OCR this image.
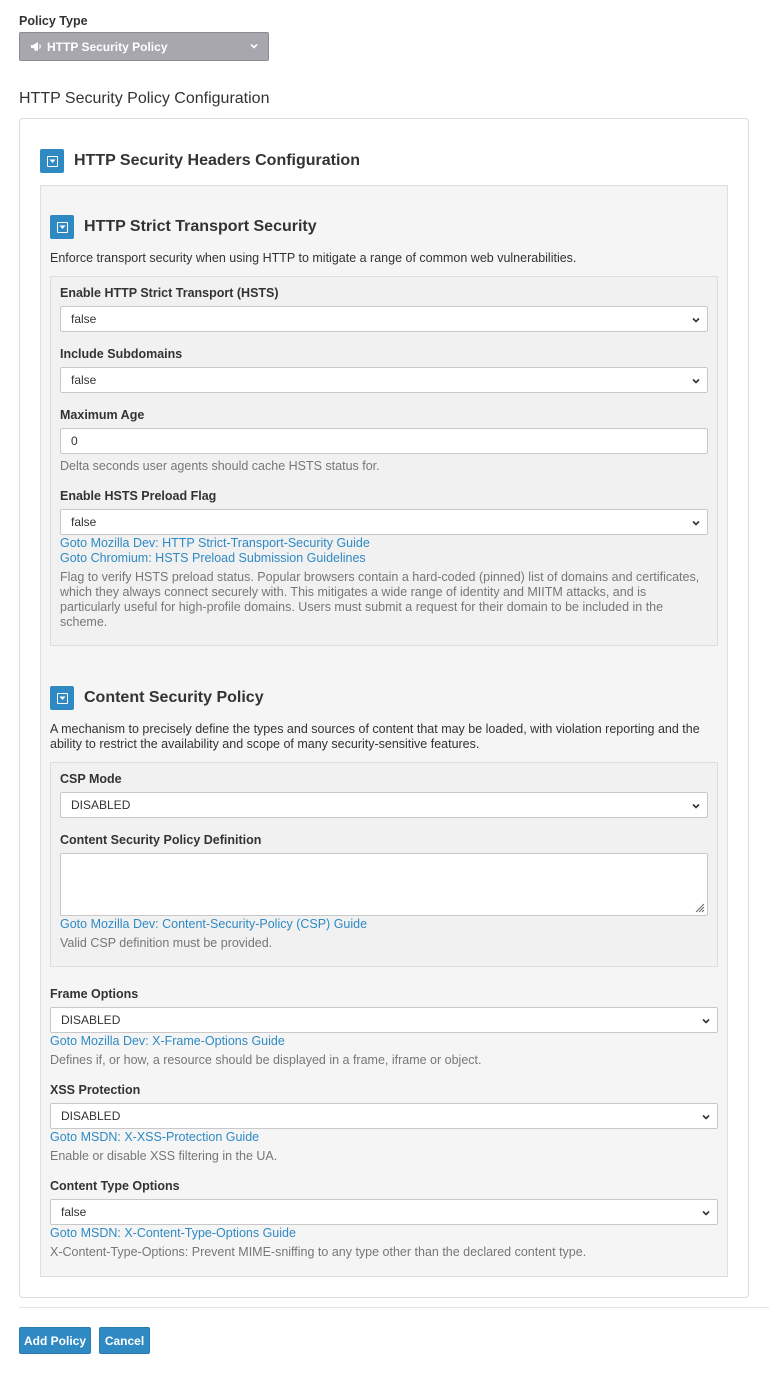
Policy Type
HTTP Security Policy
HTTP Security Policy Configuration
HTTP Security Headers Configuration
HTTP Strict Transport Security
Enforce transport security when using HTTP to mitigate a range of common web vulnerabilities.
Enable HTTP Strict Transport (HSTS)
false
Include Subdomains
false
Maximum Age
0
Delta seconds user agents should cache HSTS status for.
Enable HSTS Preload Flag
false
Goto Mozilla Dev: HTTP Strict-Transport-Security Guide
Goto Chromium: HSTS Preload Submission Guidelines
Flag to verify HSTS preload status. Popular browsers contain a hard-coded (pinned) list of domains and certificates, which they always connect securely with. This mitigates a wide range of identity and MIITM attacks, and is particularly useful for high-profile domains. Users must submit a request for their domain to be included in the scheme.
Content Security Policy
A mechanism to precisely define the types and sources of content that may be loaded, with violation reporting and the ability to restrict the availability and scope of many security-sensitive features.
CSP Mode
DISABLED
Content Security Policy Definition
Goto Mozilla Dev: Content-Security-Policy (CSP) Guide
Valid CSP definition must be provided.
Frame Options
DISABLED
Goto Mozilla Dev: X-Frame-Options Guide
Defines if, or how, a resource should be displayed in a frame, iframe or object.
XSS Protection
DISABLED
Goto MSDN: X-XSS-Protection Guide
Enable or disable XSS filtering in the UA.
Content Type Options
false
Goto MSDN: X-Content-Type-Options Guide
X-Content-Type-Options: Prevent MIME-sniffing to any type other than the declared content type.
Add Policy	Cancel
